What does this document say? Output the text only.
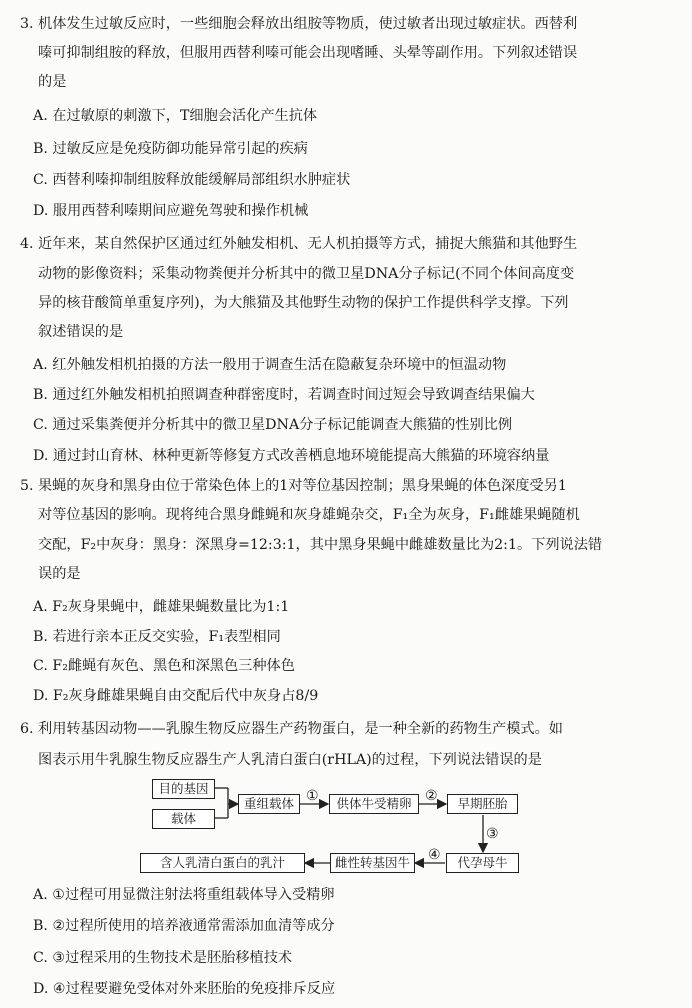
3. 机体发生过敏反应时，一些细胞会释放出组胺等物质，使过敏者出现过敏症状。西替利
嗪可抑制组胺的释放，但服用西替利嗪可能会出现嗜睡、头晕等副作用。下列叙述错误
的是
A. 在过敏原的刺激下，T细胞会活化产生抗体
B. 过敏反应是免疫防御功能异常引起的疾病
C. 西替利嗪抑制组胺释放能缓解局部组织水肿症状
D. 服用西替利嗪期间应避免驾驶和操作机械
4. 近年来，某自然保护区通过红外触发相机、无人机拍摄等方式，捕捉大熊猫和其他野生
动物的影像资料；采集动物粪便并分析其中的微卫星DNA分子标记(不同个体间高度变
异的核苷酸简单重复序列)，为大熊猫及其他野生动物的保护工作提供科学支撑。下列
叙述错误的是
A. 红外触发相机拍摄的方法一般用于调查生活在隐蔽复杂环境中的恒温动物
B. 通过红外触发相机拍照调查种群密度时，若调查时间过短会导致调查结果偏大
C. 通过采集粪便并分析其中的微卫星DNA分子标记能调查大熊猫的性别比例
D. 通过封山育林、林种更新等修复方式改善栖息地环境能提高大熊猫的环境容纳量
5. 果蝇的灰身和黑身由位于常染色体上的1对等位基因控制；黑身果蝇的体色深度受另1
对等位基因的影响。现将纯合黑身雌蝇和灰身雄蝇杂交，F₁全为灰身，F₁雌雄果蝇随机
交配，F₂中灰身：黑身：深黑身=12:3:1，其中黑身果蝇中雌雄数量比为2:1。下列说法错
误的是
A. F₂灰身果蝇中，雌雄果蝇数量比为1:1
B. 若进行亲本正反交实验，F₁表型相同
C. F₂雌蝇有灰色、黑色和深黑色三种体色
D. F₂灰身雌雄果蝇自由交配后代中灰身占8/9
6. 利用转基因动物——乳腺生物反应器生产药物蛋白，是一种全新的药物生产模式。如
图表示用牛乳腺生物反应器生产人乳清白蛋白(rHLA)的过程，下列说法错误的是
目的基因
载体
重组载体	供体牛受精卵	早期胚胎
代孕母牛
雌性转基因牛
含人乳清白蛋白的乳汁
①	②
③
④
A. ①过程可用显微注射法将重组载体导入受精卵
B. ②过程所使用的培养液通常需添加血清等成分
C. ③过程采用的生物技术是胚胎移植技术
D. ④过程要避免受体对外来胚胎的免疫排斥反应
